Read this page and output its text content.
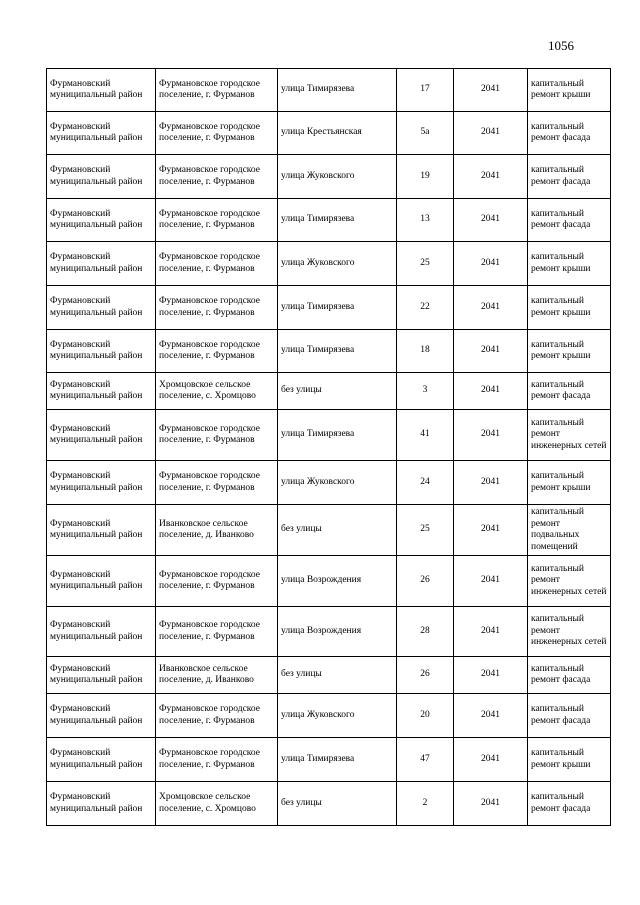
1056
Фурмановский муниципальный район	Фурмановское городское поселение, г. Фурманов	улица Тимирязева	17	2041	капитальный ремонт крыши
Фурмановский муниципальный район	Фурмановское городское поселение, г. Фурманов	улица Крестьянская	5а	2041	капитальный ремонт фасада
Фурмановский муниципальный район	Фурмановское городское поселение, г. Фурманов	улица Жуковского	19	2041	капитальный ремонт фасада
Фурмановский муниципальный район	Фурмановское городское поселение, г. Фурманов	улица Тимирязева	13	2041	капитальный ремонт фасада
Фурмановский муниципальный район	Фурмановское городское поселение, г. Фурманов	улица Жуковского	25	2041	капитальный ремонт крыши
Фурмановский муниципальный район	Фурмановское городское поселение, г. Фурманов	улица Тимирязева	22	2041	капитальный ремонт крыши
Фурмановский муниципальный район	Фурмановское городское поселение, г. Фурманов	улица Тимирязева	18	2041	капитальный ремонт крыши
Фурмановский муниципальный район	Хромцовское сельское поселение, с. Хромцово	без улицы	3	2041	капитальный ремонт фасада
Фурмановский муниципальный район	Фурмановское городское поселение, г. Фурманов	улица Тимирязева	41	2041	капитальный ремонт инженерных сетей
Фурмановский муниципальный район	Фурмановское городское поселение, г. Фурманов	улица Жуковского	24	2041	капитальный ремонт крыши
Фурмановский муниципальный район	Иванковское сельское поселение, д. Иванково	без улицы	25	2041	капитальный ремонт подвальных помещений
Фурмановский муниципальный район	Фурмановское городское поселение, г. Фурманов	улица Возрождения	26	2041	капитальный ремонт инженерных сетей
Фурмановский муниципальный район	Фурмановское городское поселение, г. Фурманов	улица Возрождения	28	2041	капитальный ремонт инженерных сетей
Фурмановский муниципальный район	Иванковское сельское поселение, д. Иванково	без улицы	26	2041	капитальный ремонт фасада
Фурмановский муниципальный район	Фурмановское городское поселение, г. Фурманов	улица Жуковского	20	2041	капитальный ремонт фасада
Фурмановский муниципальный район	Фурмановское городское поселение, г. Фурманов	улица Тимирязева	47	2041	капитальный ремонт крыши
Фурмановский муниципальный район	Хромцовское сельское поселение, с. Хромцово	без улицы	2	2041	капитальный ремонт фасада
